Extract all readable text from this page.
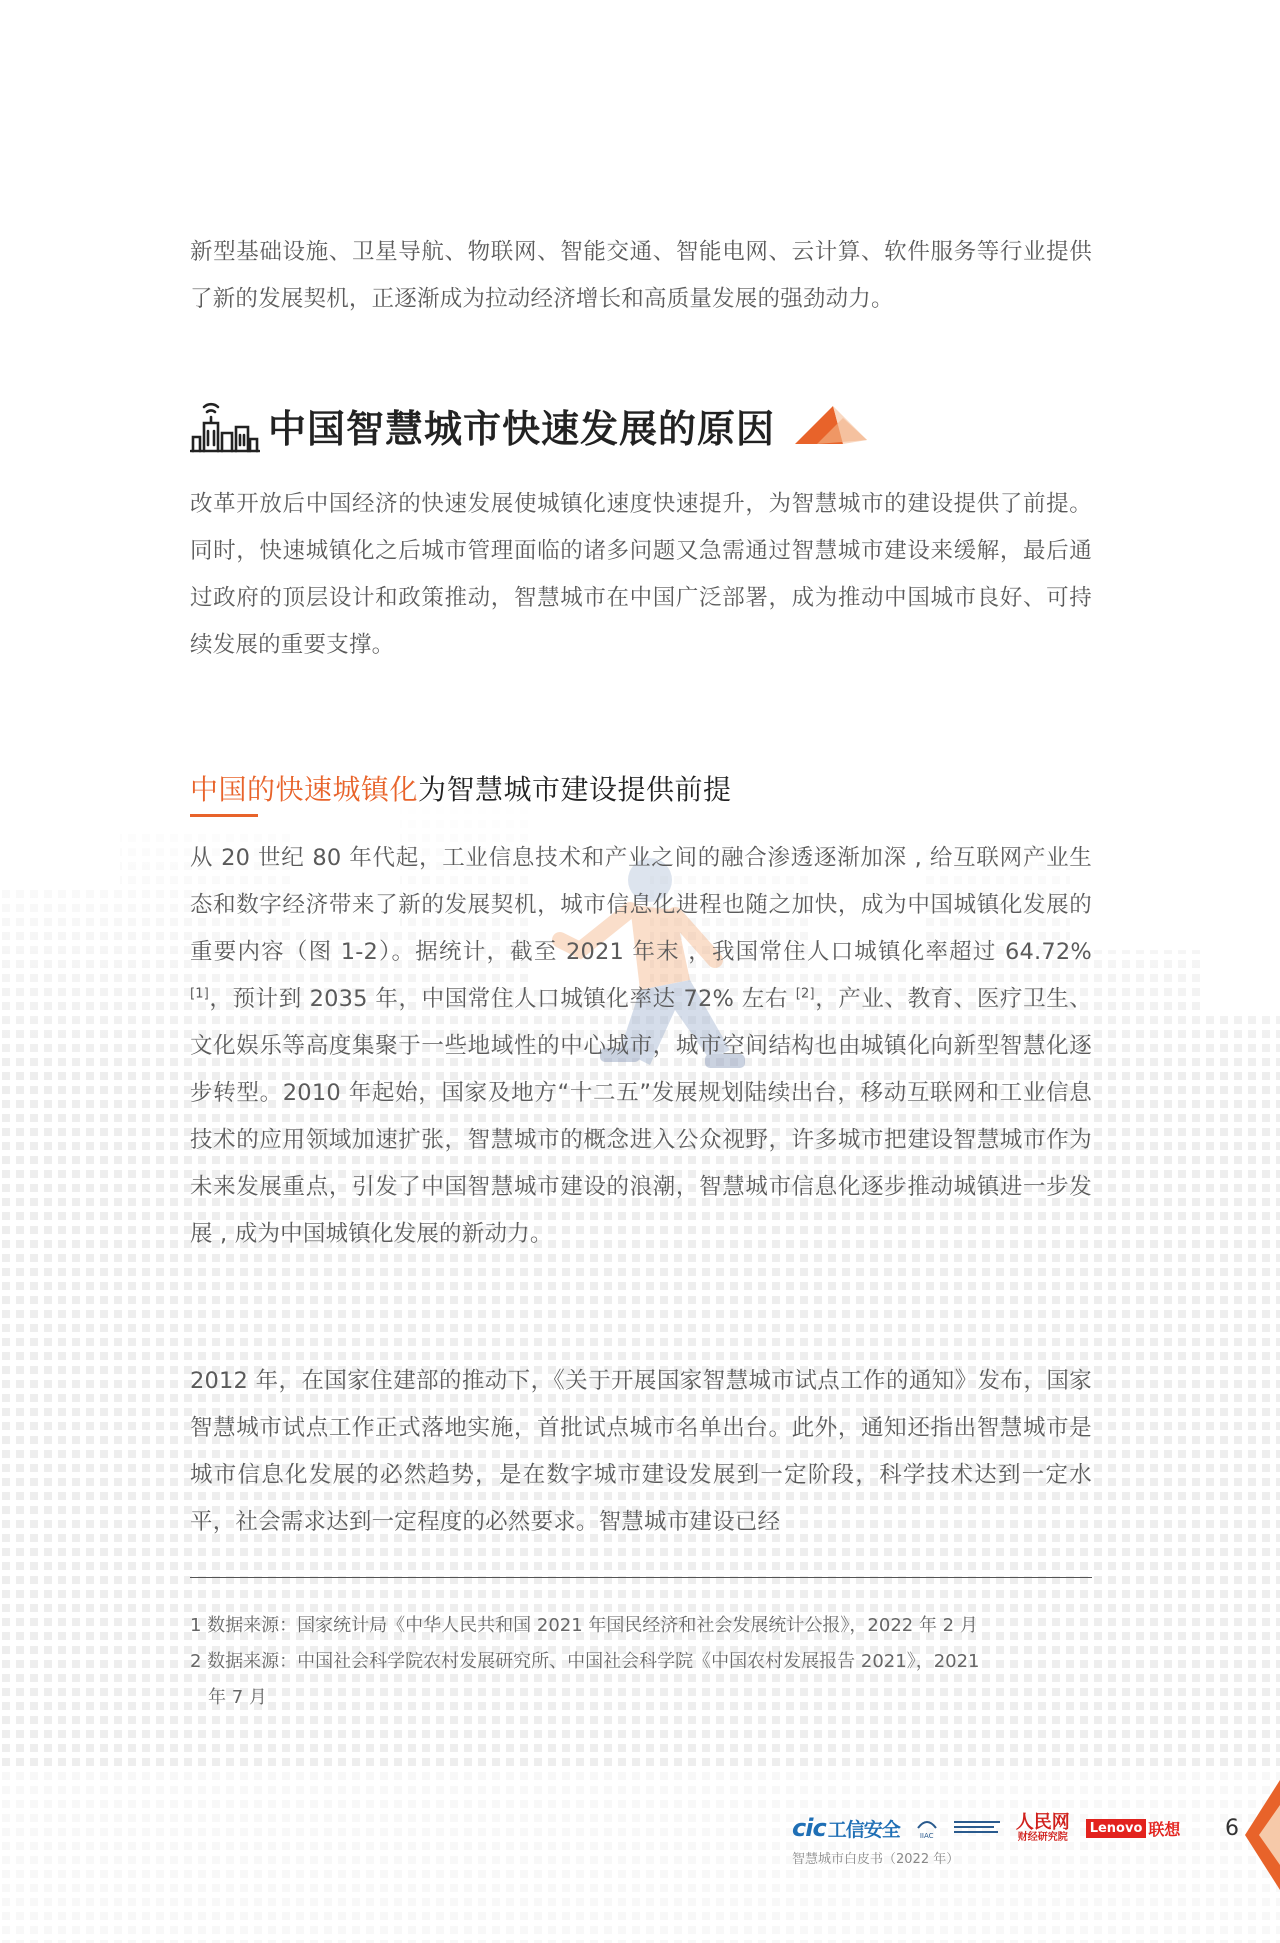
新型基础设施、卫星导航、物联网、智能交通、智能电网、云计算、软件服务等行业提供了新的发展契机，正逐渐成为拉动经济增长和高质量发展的强劲动力。

中国智慧城市快速发展的原因

改革开放后中国经济的快速发展使城镇化速度快速提升，为智慧城市的建设提供了前提。同时，快速城镇化之后城市管理面临的诸多问题又急需通过智慧城市建设来缓解，最后通过政府的顶层设计和政策推动，智慧城市在中国广泛部署，成为推动中国城市良好、可持续发展的重要支撑。

中国的快速城镇化为智慧城市建设提供前提

从 20 世纪 80 年代起，工业信息技术和产业之间的融合渗透逐渐加深 , 给互联网产业生态和数字经济带来了新的发展契机，城市信息化进程也随之加快，成为中国城镇化发展的重要内容（图 1-2）。据统计，截至 2021 年末 ，我国常住人口城镇化率超过 64.72%[1]，预计到 2035 年，中国常住人口城镇化率达 72% 左右 [2]，产业、教育、医疗卫生、文化娱乐等高度集聚于一些地域性的中心城市，城市空间结构也由城镇化向新型智慧化逐步转型。2010 年起始，国家及地方“十二五”发展规划陆续出台，移动互联网和工业信息技术的应用领域加速扩张，智慧城市的概念进入公众视野，许多城市把建设智慧城市作为未来发展重点，引发了中国智慧城市建设的浪潮，智慧城市信息化逐步推动城镇进一步发展 , 成为中国城镇化发展的新动力。

2012 年，在国家住建部的推动下，《关于开展国家智慧城市试点工作的通知》发布，国家智慧城市试点工作正式落地实施，首批试点城市名单出台。此外，通知还指出智慧城市是城市信息化发展的必然趋势，是在数字城市建设发展到一定阶段，科学技术达到一定水平，社会需求达到一定程度的必然要求。智慧城市建设已经

1 数据来源：国家统计局《中华人民共和国 2021 年国民经济和社会发展统计公报》，2022 年 2 月

2 数据来源：中国社会科学院农村发展研究所、中国社会科学院《中国农村发展报告 2021》，2021

年 7 月

cic 工信安全	IIAC
人民网
财经研究院
Lenovo 联想
智慧城市白皮书（2022 年）
6
